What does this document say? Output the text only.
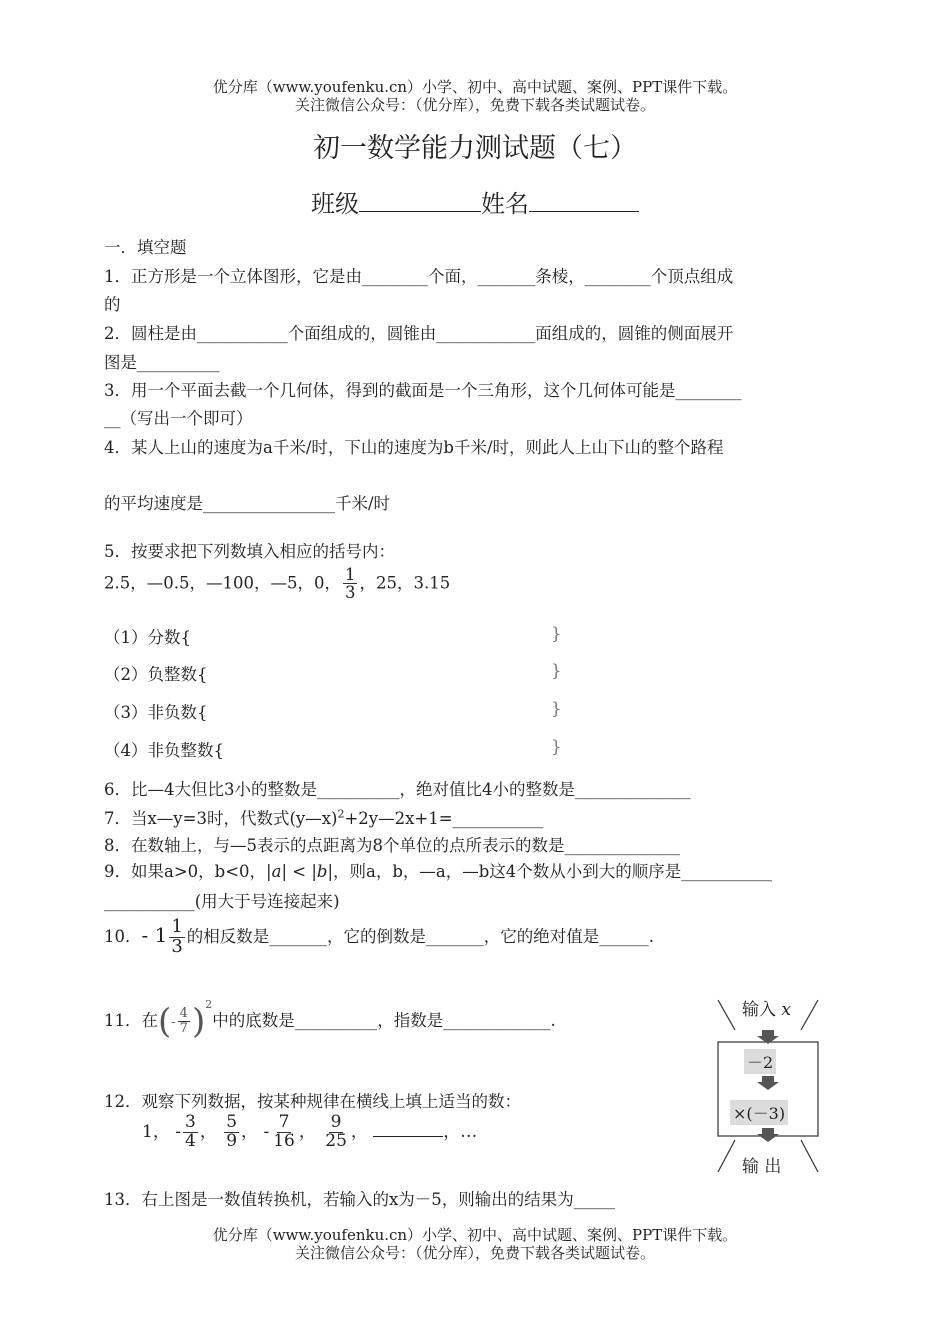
优分库（www.youfenku.cn）小学、初中、高中试题、案例、PPT课件下载。
关注微信公众号：（优分库），免费下载各类试题试卷。
初一数学能力测试题（七）
班级	姓名
一．填空题
1．正方形是一个立体图形，它是由________个面，_______条棱，________个顶点组成
的
2．圆柱是由___________个面组成的，圆锥由____________面组成的，圆锥的侧面展开
图是__________
3．用一个平面去截一个几何体，得到的截面是一个三角形，这个几何体可能是________
__（写出一个即可）
4．某人上山的速度为a千米/时，下山的速度为b千米/时，则此人上山下山的整个路程
的平均速度是________________千米/时
5．按要求把下列数填入相应的括号内：
2.5，—0.5，—100，—5，0， $\frac{1}{3}$ ，25，3.15
（1）分数{	}
（2）负整数{	}
（3）非负数{	}
（4）非负整数{	}
6．比—4大但比3小的整数是__________，绝对值比4小的整数是______________
7．当x—y=3时，代数式(y—x)$^2$+2y—2x+1=___________
8．在数轴上，与—5表示的点距离为8个单位的点所表示的数是______________
9．如果a>0，b<0，|a| < |b|，则a，b，—a，—b这4个数从小到大的顺序是___________
___________(用大于号连接起来)
10．- $1 \frac{1}{3}$ 的相反数是_______，它的倒数是_______，它的绝对值是______.
11．在(- $\frac{4}{7} )^2$中的底数是__________，指数是_____________.
12．观察下列数据，按某种规律在横线上填上适当的数：
1， - $\frac{3}{4}$ ， $\frac{5}{9}$ ， - $\frac{7}{16}$ ， $\frac{9}{25}$ ，	，…
13．右上图是一数值转换机，若输入的x为－5，则输出的结果为_____
输入 x
－2
×(－3)
输 出
优分库（www.youfenku.cn）小学、初中、高中试题、案例、PPT课件下载。
关注微信公众号：（优分库），免费下载各类试题试卷。
